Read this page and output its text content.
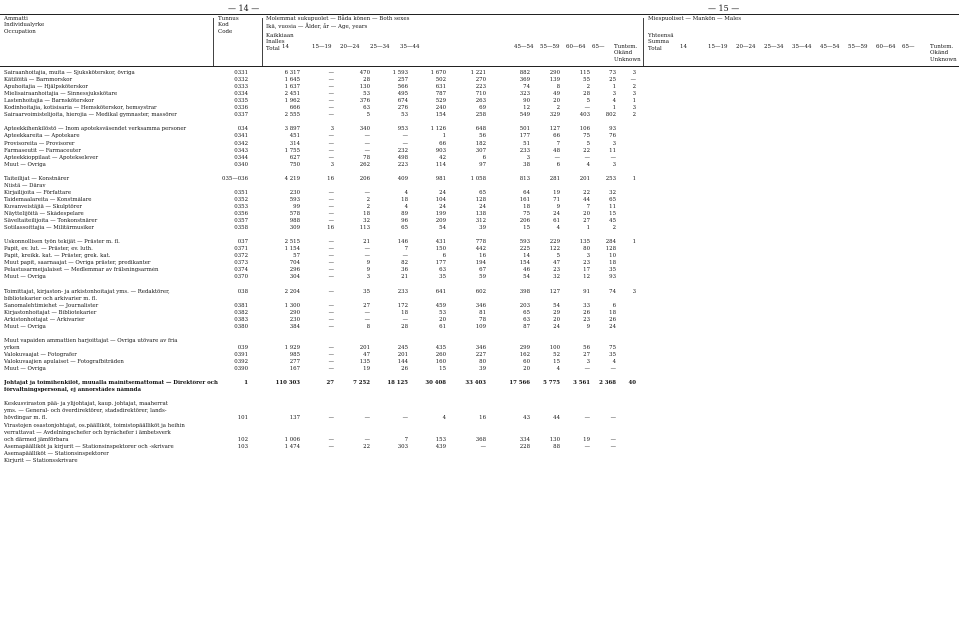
— 14 —	— 15 —
Ammatti
Individualyrke
Occupation
Tunnus
Kod
Code
Molemmat sukupuolet — Båda könen — Both sexes
Ikä, vuosia — Ålder, år — Age, years
Kaikkiaan
Inalles
Total
Miespuoliset — Mankön — Males
Yhteensä
Summa
Total
14	15—19 20—24 25—34 35—44	45—54 55—59 60—64 65— Tuntem.
Okänd
Unknown
14	15—19 20—24 25—34 35—44 45—54 55—59 60—64 65—	Tuntem.
Okänd
Unknown
Sairaanhoitajia, muita — Sjuksköterskor, övriga	0331	6 317	—	470	1 593	1 670	1 221	882	290	115	73	3
Kätilöitä — Barnmorskor	0332	1 645	—	28	257	502	270	369	139	55	25	—
Apuhoitajia — Hjälpsköterskor	0333	1 637	—	130	566	631	223	74	8	2	1	2
Mielisairaanhoitajia — Sinnessjukskötare	0334	2 451	—	53	495	787	710	323	49	28	3	3
Lastenhoitajia — Barnsköterskor	0335	1 962	—	376	674	529	263	90	20	5	4	1
Kodinhoitajia, kotisisaria — Hemsköterskor, hemsystrar	0336	666	—	63	276	240	69	12	2	—	1	3
Sairaarvoimistelijoita, hierojia — Medikal gymnaster, massörer	0337	2 555	—	5	53	154	258	549	329	403	802	2
Apteekkihenkilöstö — Inom apoteksväsendet verksamma personer	034	3 897	3	340	953	1 126	648	501	127	106	93
Apteekkareita — Apotekare	0341	451	—	—	—	1	56	177	66	75	76
Provisoreita — Provisorer	0342	314	—	—	—	66	182	51	7	5	3
Farmaseutit — Farmaceuter	0343	1 755	—	—	232	903	307	233	48	22	11
Apteekkioppilaat — Apotekselever	0344	627	—	78	498	42	6	3	—	—	—
Muut — Övriga	0340	750	3	262	223	114	97	38	6	4	3
Taiteilijat — Konstnärer	035—036	4 219	16	206	409	981	1 058	813	281	201	253	1
Niistä — Därav
Kirjailijoita — Författare	0351	230	—	—	4	24	65	64	19	22	32
Taidemaalareita — Konstmålare	0352	593	—	2	18	104	128	161	71	44	65
Kuvanveistäjiä — Skulptörer	0353	99	—	2	4	24	24	18	9	7	11
Näyttelijöitä — Skådespelare	0356	578	—	18	89	199	138	75	24	20	15
Säveltaiteilijoita — Tonkonstnärer	0357	988	—	32	96	209	312	206	61	27	45
Sotilassoittajia — Militärmusiker	0358	309	16	113	65	54	39	15	4	1	2
Uskonnollisen työn tekijät — Präster m. fl.	037	2 515	—	21	146	431	778	593	229	135	284	1
Papit, ev. lut. — Präster, ev. luth.	0371	1 154	—	—	7	150	442	225	122	80	128
Papit, kreikk. kat. — Präster, grek. kat.	0372	57	—	—	—	6	16	14	5	3	10
Muut papit, saarnaajat — Övriga präster, predikanter	0373	704	—	9	82	177	194	154	47	23	18
Pelastusarmeijalaiset — Medlemmar av frälsningsarmén	0374	296	—	9	36	63	67	46	23	17	35
Muut — Övriga	0370	304	—	3	21	35	59	54	32	12	93
Toimittajat, kirjaston- ja arkistonhoitajat yms. — Redaktörer,	038	2 204	—	35	233	641	602	398	127	91	74	3
bibliotekarier och arkivarier m. fl.
Sanomalehtimiehet — Journalister	0381	1 300	—	27	172	459	346	203	54	33	6
Kirjastonhoitajat — Bibliotekarier	0382	290	—	—	18	53	81	65	29	26	18
Arkistonhoitajat — Arkivarier	0383	230	—	—	—	20	78	63	20	23	26
Muut — Övriga	0380	384	—	8	28	61	109	87	24	9	24
Muut vapaiden ammattien harjoittajat — Övriga utövare av fria
yrken	039	1 929	—	201	245	435	346	299	100	56	75
Valokuvaajat — Fotografer	0391	985	—	47	201	260	227	162	52	27	35
Valokuvaajien apulaiset — Fotografbiträden	0392	277	—	135	144	160	80	60	15	3	4
Muut — Övriga	0390	167	—	19	26	15	39	20	4	—	—
Johtajat ja toimihenkilöt, muualla mainitsemattomat — Direktörer och	1	110 303	27	7 252	18 125	30 408	33 403	17 566	5 775	3 561	2 368	40
förvaltningspersonal, ej annorstädes nämnda
Keskusviraston pää- ja ylijohtajat, kaup. johtajat, maaherrat
yms. — General- och överdirektörer, stadsdirektörer, lands-
hövdingar m. fl.	101	137	—	—	—	4	16	43	44	—	—
Virastojen osastonjohtajat, os.päälliköt, toimistopäälliköt ja heihin
verrattavat — Avdelningschefer och byråchefer i ämbetsverk
och därmed jämförbara	102	1 006	—	—	7	153	368	334	130	19	—
Asemapäälliköt ja kirjurit — Stationsinspektorer och -skrivare	103	1 474	—	22	303	439	—	228	88	—	—
Asemapäälliköt — Stationsinspektorer
Kirjurit — Stationsskrivare
